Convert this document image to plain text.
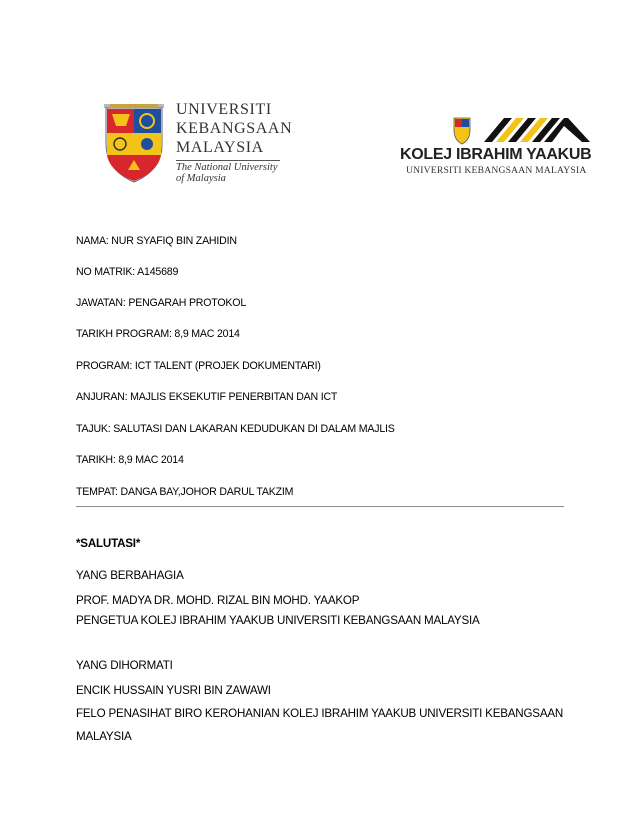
UNIVERSITI
KEBANGSAAN
MALAYSIA
The National University
of Malaysia
KOLEJ IBRAHIM YAAKUB
UNIVERSITI KEBANGSAAN MALAYSIA
NAMA: NUR SYAFIQ BIN ZAHIDIN
NO MATRIK: A145689
JAWATAN: PENGARAH PROTOKOL
TARIKH PROGRAM: 8,9 MAC 2014
PROGRAM: ICT TALENT (PROJEK DOKUMENTARI)
ANJURAN: MAJLIS EKSEKUTIF PENERBITAN DAN ICT
TAJUK: SALUTASI DAN LAKARAN KEDUDUKAN DI DALAM MAJLIS
TARIKH: 8,9 MAC 2014
TEMPAT: DANGA BAY,JOHOR DARUL TAKZIM
*SALUTASI*
YANG BERBAHAGIA
PROF. MADYA DR. MOHD. RIZAL BIN MOHD. YAAKOP
PENGETUA KOLEJ IBRAHIM YAAKUB UNIVERSITI KEBANGSAAN MALAYSIA
YANG DIHORMATI
ENCIK HUSSAIN YUSRI BIN ZAWAWI
FELO PENASIHAT BIRO KEROHANIAN KOLEJ IBRAHIM YAAKUB UNIVERSITI KEBANGSAAN
MALAYSIA
